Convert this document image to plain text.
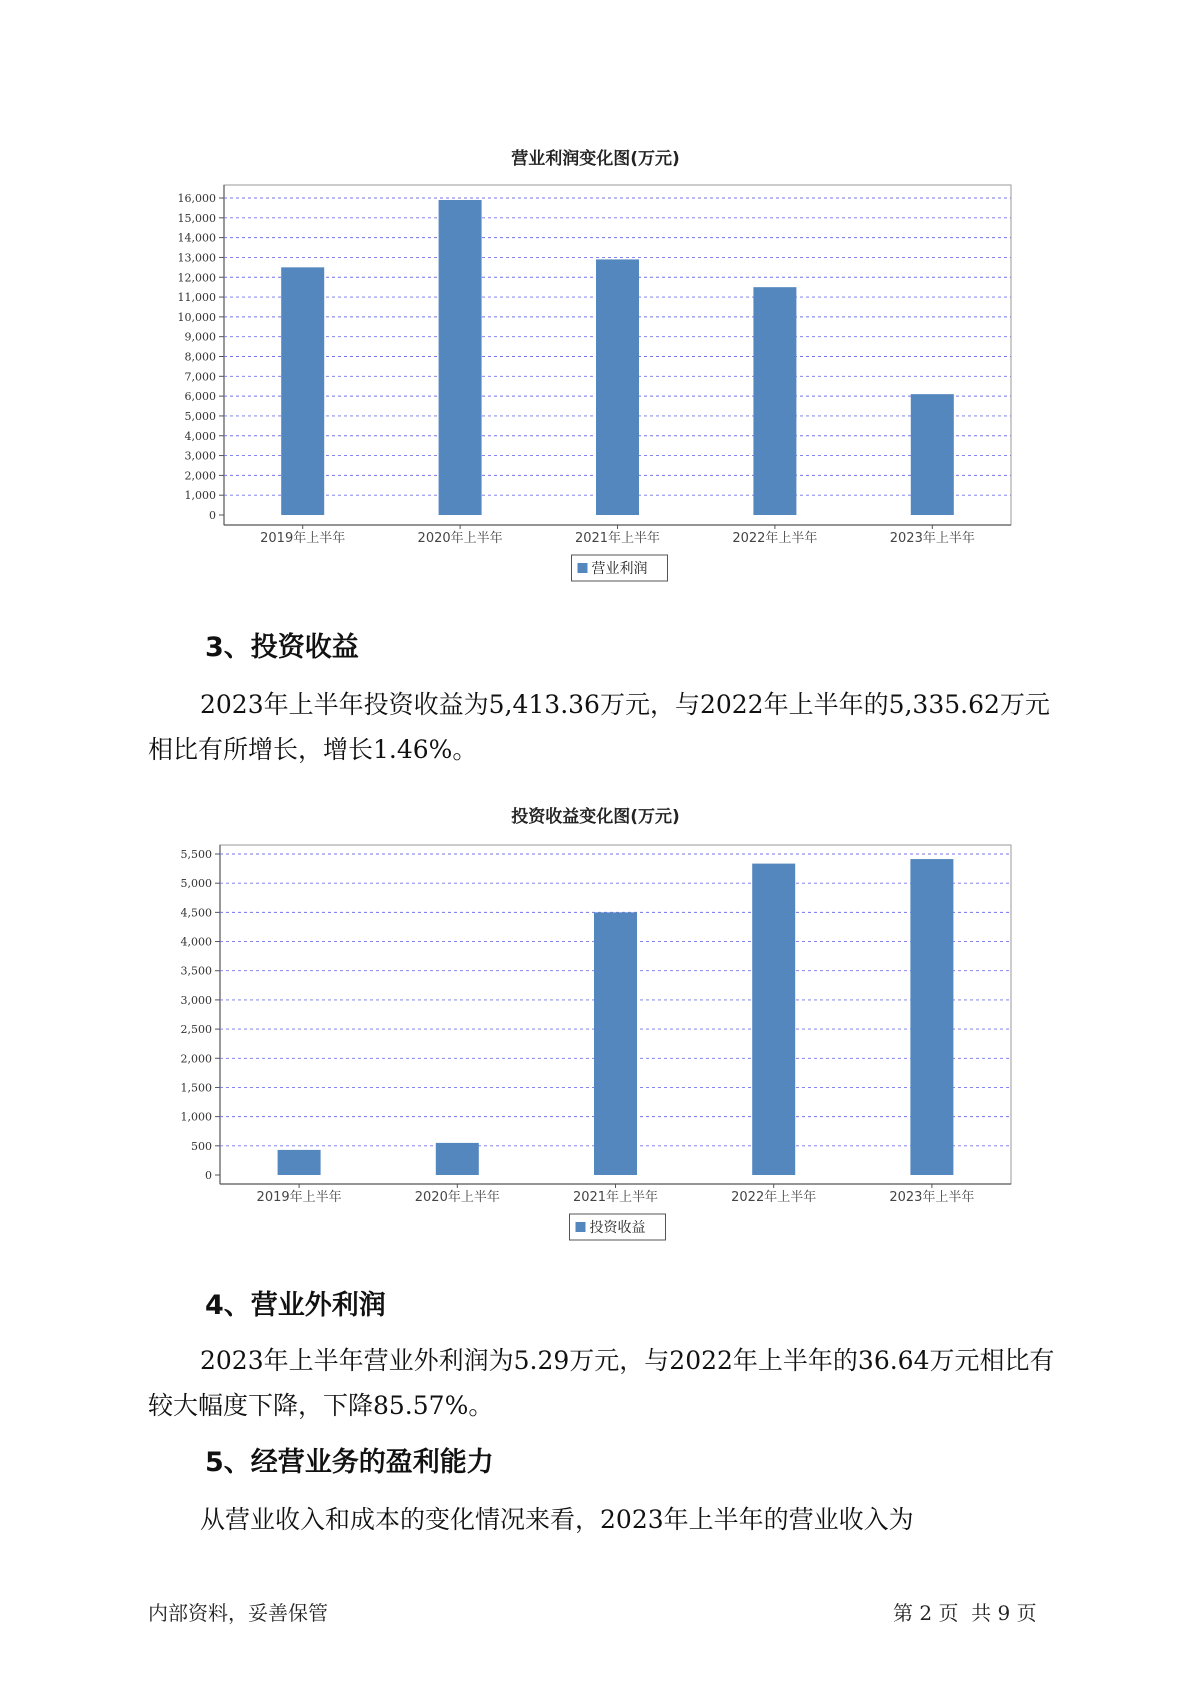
营业利润变化图(万元)
0
1,000
2,000
3,000
4,000
5,000
6,000
7,000
8,000
9,000
10,000
11,000
12,000
13,000
14,000
15,000
16,000
2019年上半年	2020年上半年	2021年上半年	2022年上半年	2023年上半年
营业利润
3、投资收益

2023年上半年投资收益为5,413.36万元，与2022年上半年的5,335.62万元相比有所增长，增长1.46%。

投资收益变化图(万元)
0
500
1,000
1,500
2,000
2,500
3,000
3,500
4,000
4,500
5,000
5,500
2019年上半年	2020年上半年	2021年上半年	2022年上半年	2023年上半年
投资收益
4、营业外利润

2023年上半年营业外利润为5.29万元，与2022年上半年的36.64万元相比有较大幅度下降，下降85.57%。

5、经营业务的盈利能力

从营业收入和成本的变化情况来看，2023年上半年的营业收入为

内部资料，妥善保管	第 2 页  共 9 页
